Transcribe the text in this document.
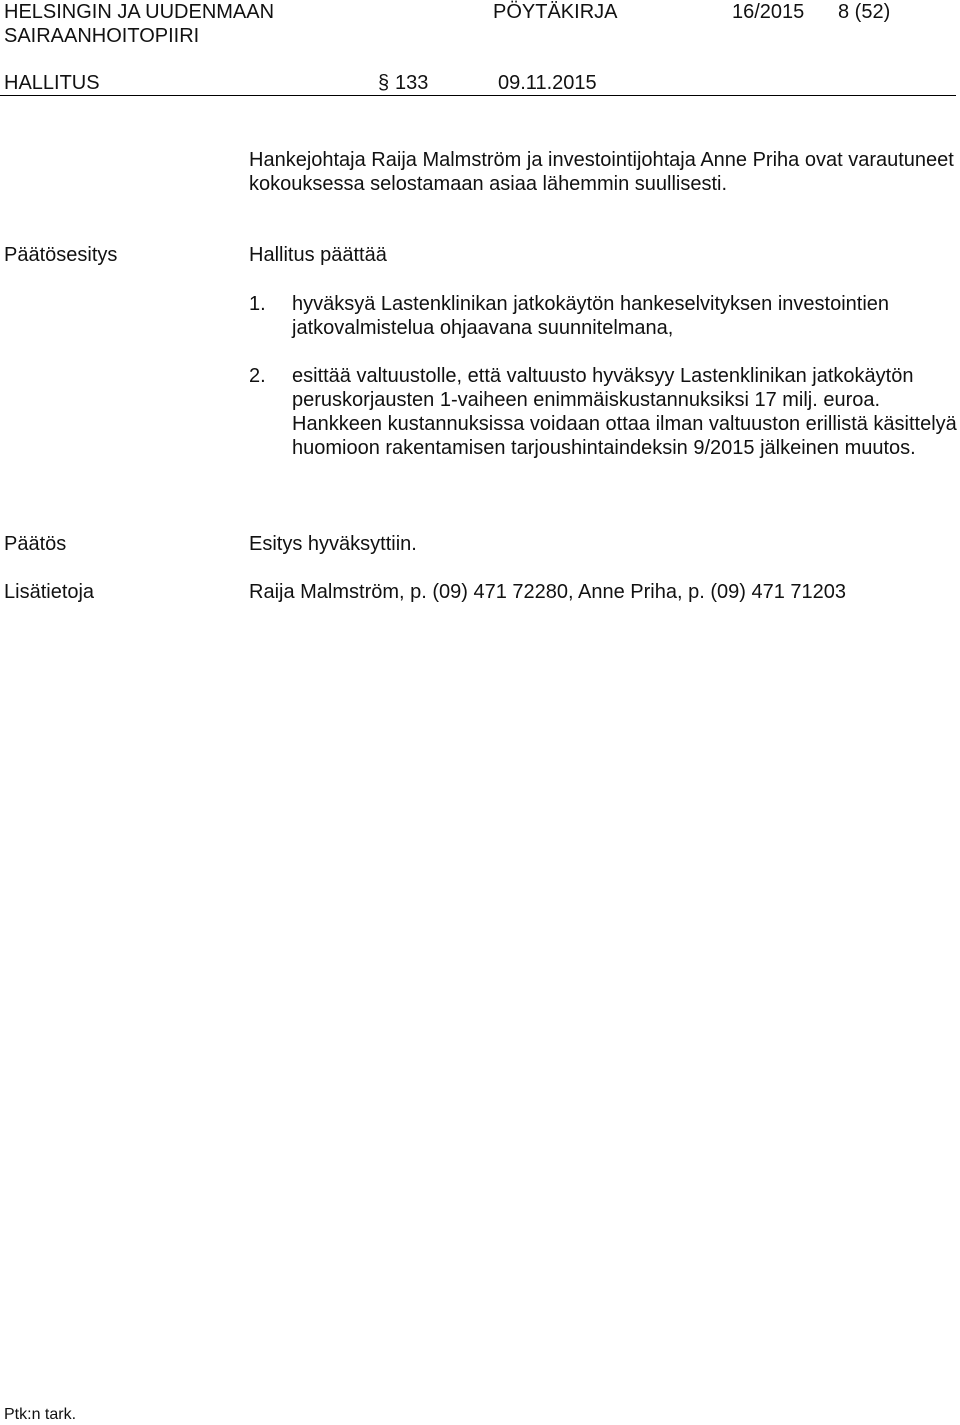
HELSINGIN JA UUDENMAAN
SAIRAANHOITOPIIRI
PÖYTÄKIRJA	16/2015 8 (52)
HALLITUS	§ 133	09.11.2015
Hankejohtaja Raija Malmström ja investointijohtaja Anne Priha ovat varautuneet kokouksessa selostamaan asiaa lähemmin suullisesti.
Päätösesitys	Hallitus päättää
1. hyväksyä Lastenklinikan jatkokäytön hankeselvityksen investointien jatkovalmistelua ohjaavana suunnitelmana,
2. esittää valtuustolle, että valtuusto hyväksyy Lastenklinikan jatkokäytön peruskorjausten 1-vaiheen enimmäiskustannuksiksi 17 milj. euroa. Hankkeen kustannuksissa voidaan ottaa ilman valtuuston erillistä käsittelyä huomioon rakentamisen tarjoushintaindeksin 9/2015 jälkeinen muutos.
Päätös	Esitys hyväksyttiin.
Lisätietoja	Raija Malmström, p. (09) 471 72280, Anne Priha, p. (09) 471 71203
Ptk:n tark.
